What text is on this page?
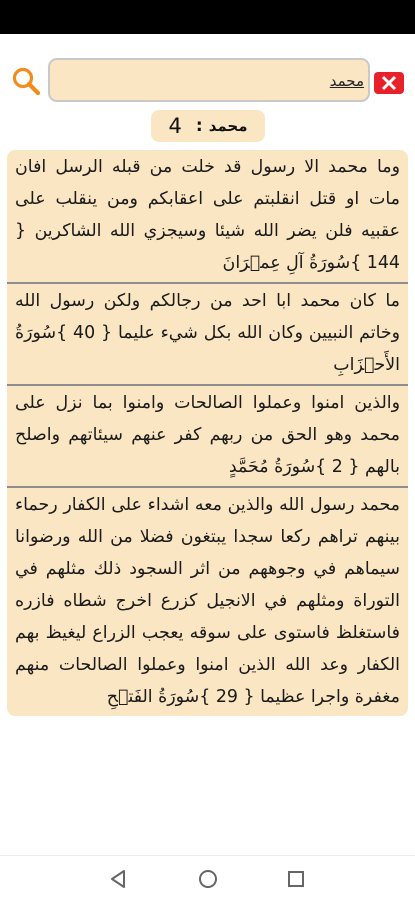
محمد
محمد
:
4
وما محمد الا رسول قد خلت من قبله الرسل افان مات او قتل انقلبتم على اعقابكم ومن ينقلب على عقبيه فلن يضر الله شيئا وسيجزي الله الشاكرين { 144 }سُورَةُ آلِ عِمۡرَانَ
ما كان محمد ابا احد من رجالكم ولكن رسول الله وخاتم النبيين وكان الله بكل شيء عليما { 40 }سُورَةُ الأَحۡزَابِ
والذين امنوا وعملوا الصالحات وامنوا بما نزل على محمد وهو الحق من ربهم كفر عنهم سيئاتهم واصلح بالهم { 2 }سُورَةُ مُحَمَّدٍ
محمد رسول الله والذين معه اشداء على الكفار رحماء بينهم تراهم ركعا سجدا يبتغون فضلا من الله ورضوانا سيماهم في وجوههم من اثر السجود ذلك مثلهم في التوراة ومثلهم في الانجيل كزرع اخرج شطاه فازره فاستغلظ فاستوى على سوقه يعجب الزراع ليغيظ بهم الكفار وعد الله الذين امنوا وعملوا الصالحات منهم مغفرة واجرا عظيما { 29 }سُورَةُ الفَتۡحِ
